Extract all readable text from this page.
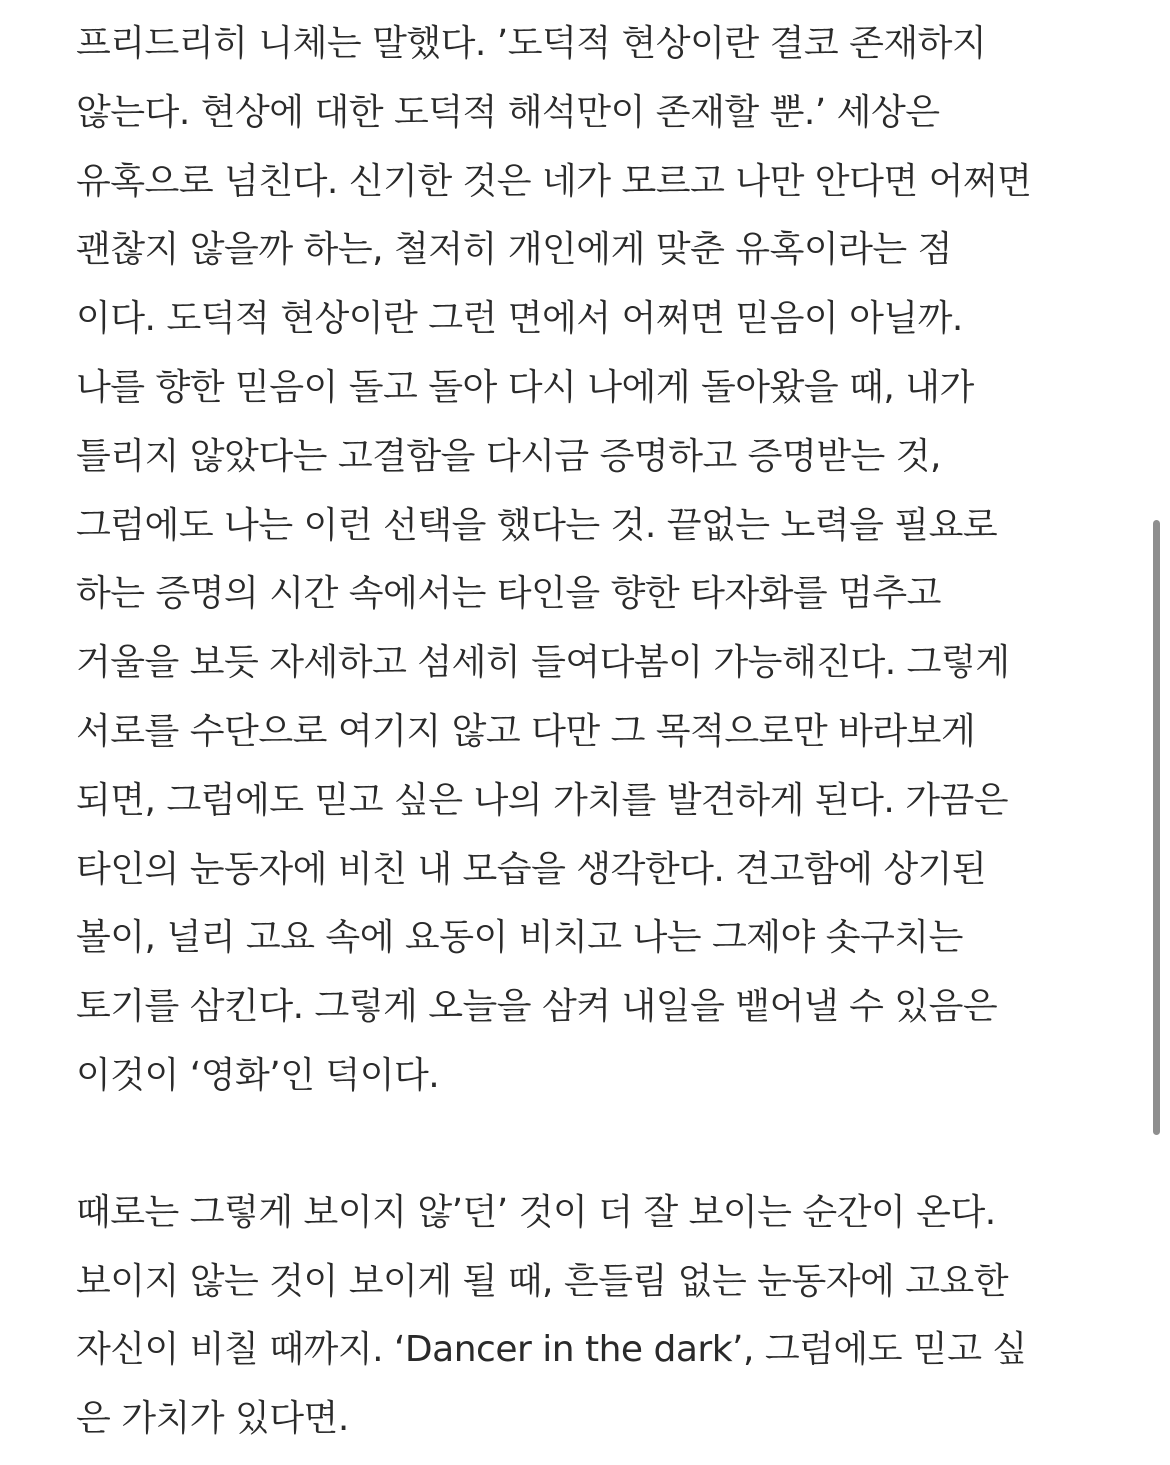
프리드리히 니체는 말했다. ’도덕적 현상이란 결코 존재하지
않는다. 현상에 대한 도덕적 해석만이 존재할 뿐.’ 세상은
유혹으로 넘친다. 신기한 것은 네가 모르고 나만 안다면 어쩌면
괜찮지 않을까 하는, 철저히 개인에게 맞춘 유혹이라는 점
이다. 도덕적 현상이란 그런 면에서 어쩌면 믿음이 아닐까.
나를 향한 믿음이 돌고 돌아 다시 나에게 돌아왔을 때, 내가
틀리지 않았다는 고결함을 다시금 증명하고 증명받는 것,
그럼에도 나는 이런 선택을 했다는 것. 끝없는 노력을 필요로
하는 증명의 시간 속에서는 타인을 향한 타자화를 멈추고
거울을 보듯 자세하고 섬세히 들여다봄이 가능해진다. 그렇게
서로를 수단으로 여기지 않고 다만 그 목적으로만 바라보게
되면, 그럼에도 믿고 싶은 나의 가치를 발견하게 된다. 가끔은
타인의 눈동자에 비친 내 모습을 생각한다. 견고함에 상기된
볼이, 널리 고요 속에 요동이 비치고 나는 그제야 솟구치는
토기를 삼킨다. 그렇게 오늘을 삼켜 내일을 뱉어낼 수 있음은
이것이 ‘영화’인 덕이다.
때로는 그렇게 보이지 않’던’ 것이 더 잘 보이는 순간이 온다.
보이지 않는 것이 보이게 될 때, 흔들림 없는 눈동자에 고요한
자신이 비칠 때까지. ‘Dancer in the dark’, 그럼에도 믿고 싶
은 가치가 있다면.
